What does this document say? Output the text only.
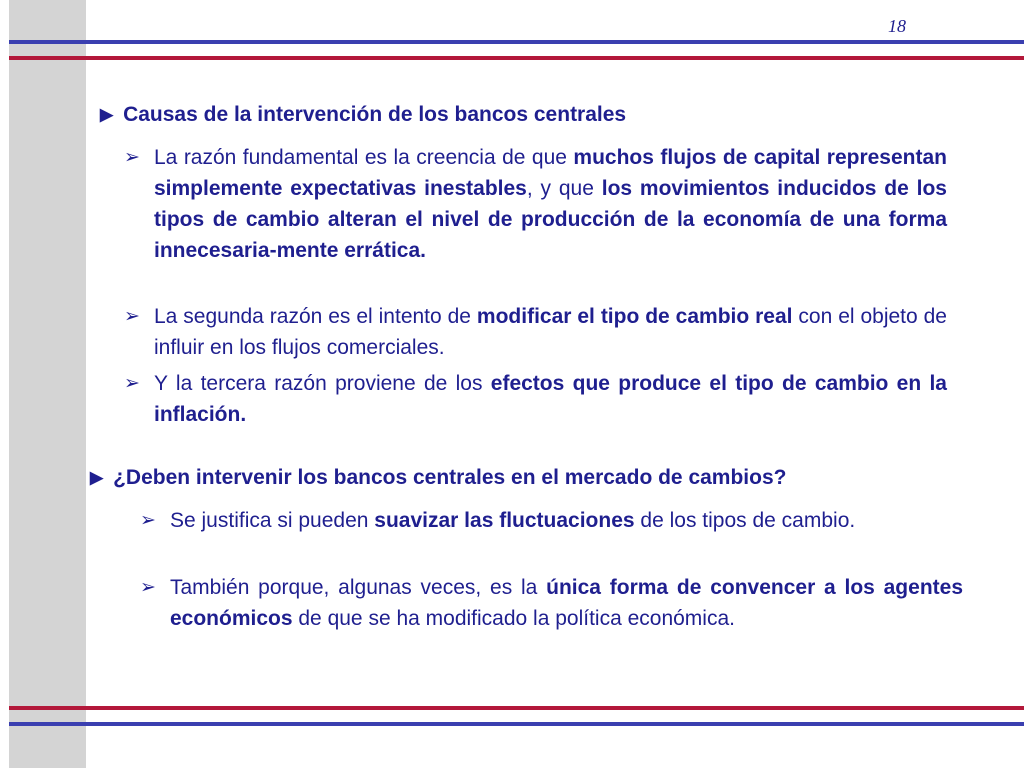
18
▶ Causas de la intervención de los bancos centrales
➢ La razón fundamental es la creencia de que muchos flujos de capital representan simplemente expectativas inestables, y que los movimientos inducidos de los tipos de cambio alteran el nivel de producción de la economía de una forma innecesaria-mente errática.
➢ La segunda razón es el intento de modificar el tipo de cambio real con el objeto de influir en los flujos comerciales.
➢ Y la tercera razón proviene de los efectos que produce el tipo de cambio en la inflación.
▶ ¿Deben intervenir los bancos centrales en el mercado de cambios?
➢ Se justifica si pueden suavizar las fluctuaciones de los tipos de cambio.
➢ También porque, algunas veces, es la única forma de convencer a los agentes económicos de que se ha modificado la política económica.
